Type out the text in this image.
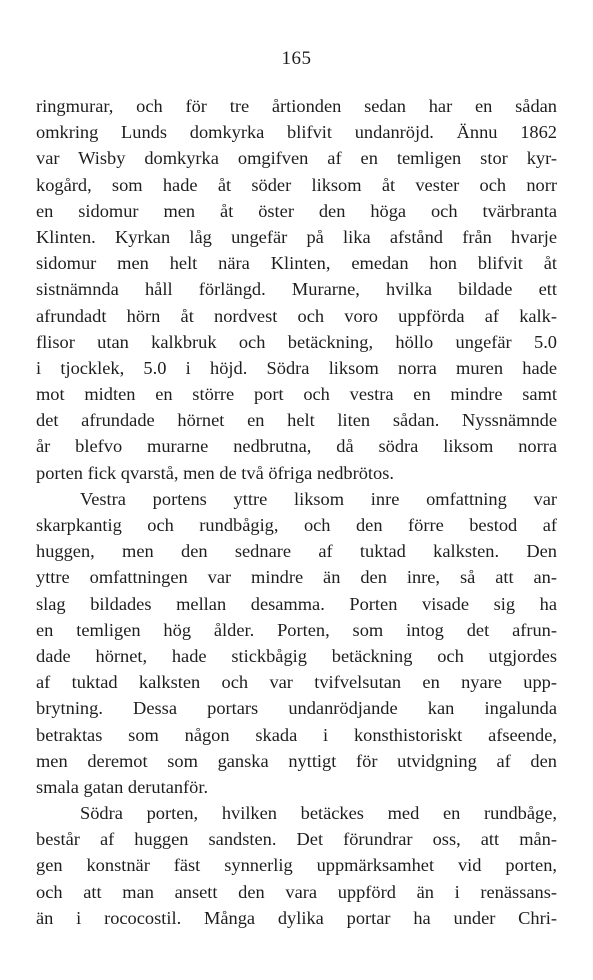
165
ringmurar, och för tre årtionden sedan har en sådan
omkring Lunds domkyrka blifvit undanröjd. Ännu 1862
var Wisby domkyrka omgifven af en temligen stor kyr-
kogård, som hade åt söder liksom åt vester och norr
en sidomur men åt öster den höga och tvärbranta
Klinten. Kyrkan låg ungefär på lika afstånd från hvarje
sidomur men helt nära Klinten, emedan hon blifvit åt
sistnämnda håll förlängd. Murarne, hvilka bildade ett
afrundadt hörn åt nordvest och voro uppförda af kalk-
flisor utan kalkbruk och betäckning, höllo ungefär 5.0
i tjocklek, 5.0 i höjd. Södra liksom norra muren hade
mot midten en större port och vestra en mindre samt
det afrundade hörnet en helt liten sådan. Nyssnämnde
år blefvo murarne nedbrutna, då södra liksom norra
porten fick qvarstå, men de två öfriga nedbrötos.
Vestra portens yttre liksom inre omfattning var
skarpkantig och rundbågig, och den förre bestod af
huggen, men den sednare af tuktad kalksten. Den
yttre omfattningen var mindre än den inre, så att an-
slag bildades mellan desamma. Porten visade sig ha
en temligen hög ålder. Porten, som intog det afrun-
dade hörnet, hade stickbågig betäckning och utgjordes
af tuktad kalksten och var tvifvelsutan en nyare upp-
brytning. Dessa portars undanrödjande kan ingalunda
betraktas som någon skada i konsthistoriskt afseende,
men deremot som ganska nyttigt för utvidgning af den
smala gatan derutanför.
Södra porten, hvilken betäckes med en rundbåge,
består af huggen sandsten. Det förundrar oss, att mån-
gen konstnär fäst synnerlig uppmärksamhet vid porten,
och att man ansett den vara uppförd än i renässans-
än i rococostil. Många dylika portar ha under Chri-
